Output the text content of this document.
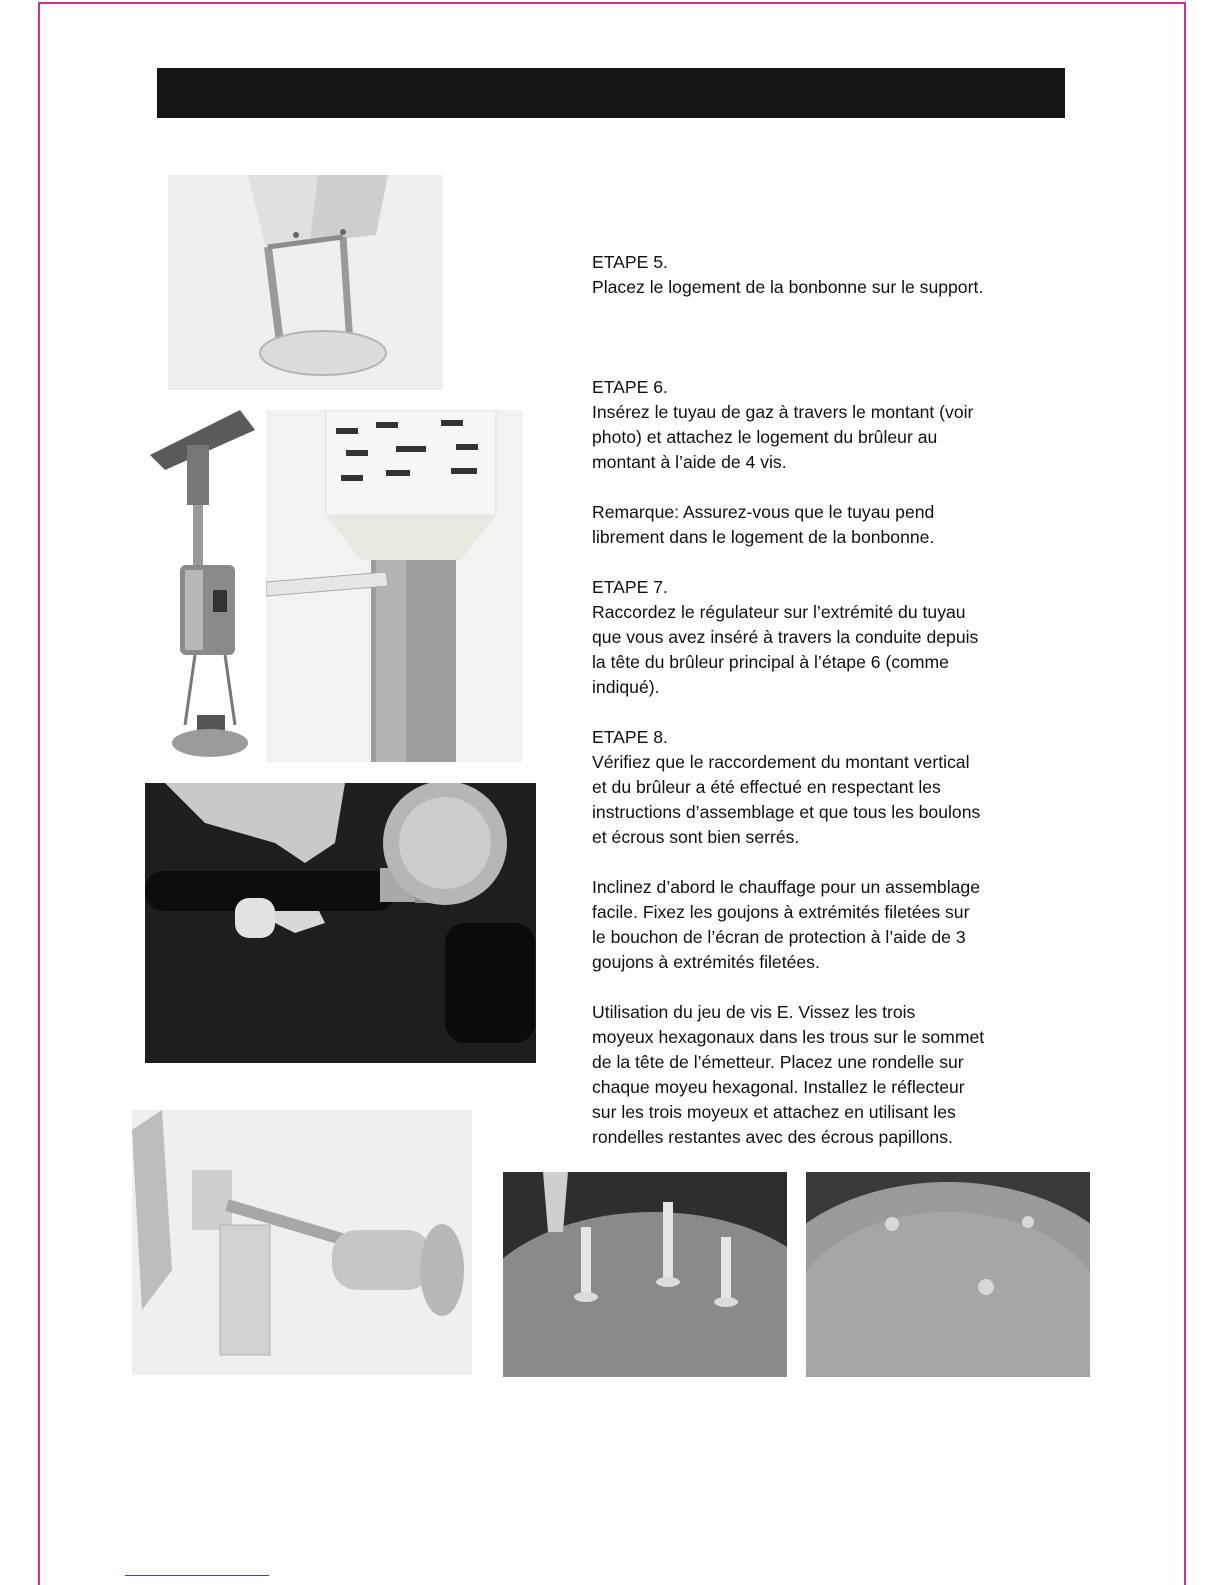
ETAPE 5.

Placez le logement de la bonbonne sur le support.

ETAPE 6.

Insérez le tuyau de gaz à travers le montant (voir

photo) et attachez le logement du brûleur au

montant à l’aide de 4 vis.

Remarque: Assurez-vous que le tuyau pend

librement dans le logement de la bonbonne.

ETAPE 7.

Raccordez le régulateur sur l’extrémité du tuyau

que vous avez inséré à travers la conduite depuis

la tête du brûleur principal à l’étape 6 (comme

indiqué).

ETAPE 8.

Vérifiez que le raccordement du montant vertical

et du brûleur a été effectué en respectant les

instructions d’assemblage et que tous les boulons

et écrous sont bien serrés.

Inclinez d’abord le chauffage pour un assemblage

facile. Fixez les goujons à extrémités filetées sur

le bouchon de l’écran de protection à l’aide de 3

goujons à extrémités filetées.

Utilisation du jeu de vis E. Vissez les trois

moyeux hexagonaux dans les trous sur le sommet

de la tête de l’émetteur. Placez une rondelle sur

chaque moyeu hexagonal. Installez le réflecteur

sur les trois moyeux et attachez en utilisant les

rondelles restantes avec des écrous papillons.
